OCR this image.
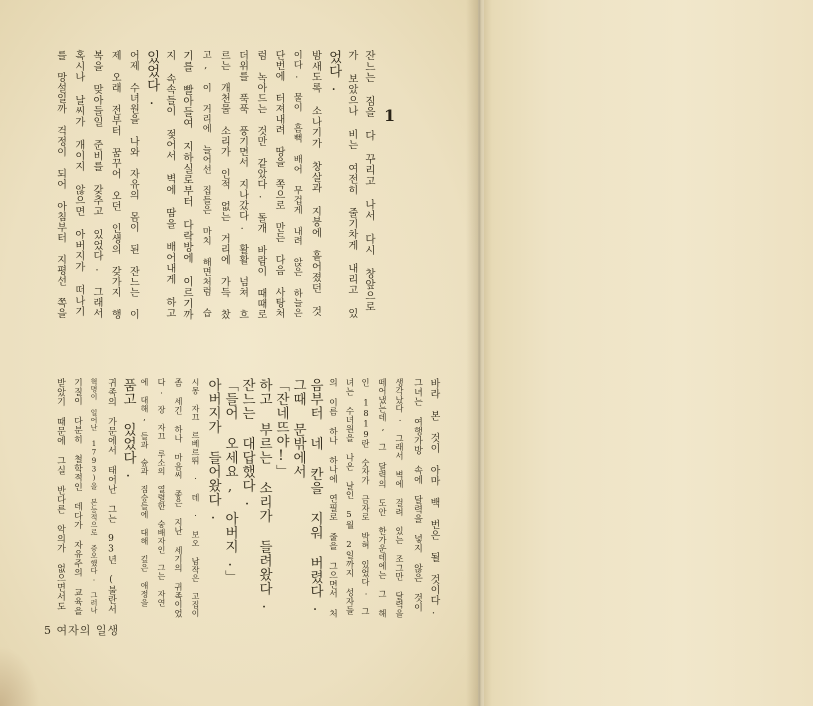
1
잔느는 짐을 다 꾸리고 나서 다시 창앞으로
가 보았으나 비는 여전히 줄기차게 내리고 있
었다.
밤새도록 소나기가 창살과 지붕에 흩어졌던 것
이다. 물이 흠뻑 배어 무겁게 내려 앉은 하늘은
단번에 터져내려 땅을 쪽으로 만든 다음 사탕처
럼 녹아드는 것만 같았다. 돌개 바람이 때때로
더위를 푹푹 풍기면서 지나갔다. 활활 넘쳐 흐
르는 개천물 소리가 인적 없는 거리에 가득 찼
고, 이 거리에 늘어선 집들은 마치 해면처럼 습
기를 빨아들여 지하실로부터 다락방에 이르기까
지 속속들이 젖어서 벽에 땀을 배어내게 하고
있었다.
어제 수녀원을 나와 자유의 몸이 된 잔느는 이
제 오래 전부터 꿈꾸어 오던 인생의 갖가지 행
복을 맞아들일 준비를 갖추고 있었다. 그래서
혹시나 날씨가 개이지 않으면 아버지가 떠나기
를 망설일까 걱정이 되어 아침부터 지평선 쪽을
바라 본 것이 아마 백 번은 될 것이다.
그녀는 여행가방 속에 달력을 넣지 않은 것이
생각났다. 그래서 벽에 걸려 있는 조그만 달력을
떼어냈는데, 그 달력의 도안 한가운데에는 그 해
인 1819란 숫자가 금자로 박혀 있었다. 그
녀는 수녀원을 나온 날인 5월 2일까지 성자들
의 이름 하나 하나에 연필로 줄을 그으면서 처
음부터 네 칸을 지워 버렸다.
그때 문밖에서
「잔네뜨야!」
하고 부르는 소리가 들려왔다.
잔느는 대답했다.
「들어 오세요, 아버지.」
아버지가 들어왔다.
시몽 자끄 르베르뛰 · 데 · 보오 남작은 고집이
좀 세긴 하나 마음씨 좋은 지난 세기의 귀족이었
다. 장 자끄 루소의 열렬한 숭배자인 그는 자연
에 대해, 들과 숲과 짐승들에 대해 깊은 애정을
품고 있었다.
귀족의 가문에서 태어난 그는 93년 (불란서
혁명이 일어난 1793)을 본능적으로 증오했다. 그러나
기질이 다분히 철학적인 데다가 자유주의 교육을
받았기 때문에 그실 반다른 악의가 없으면서도
5 여자의 일생
